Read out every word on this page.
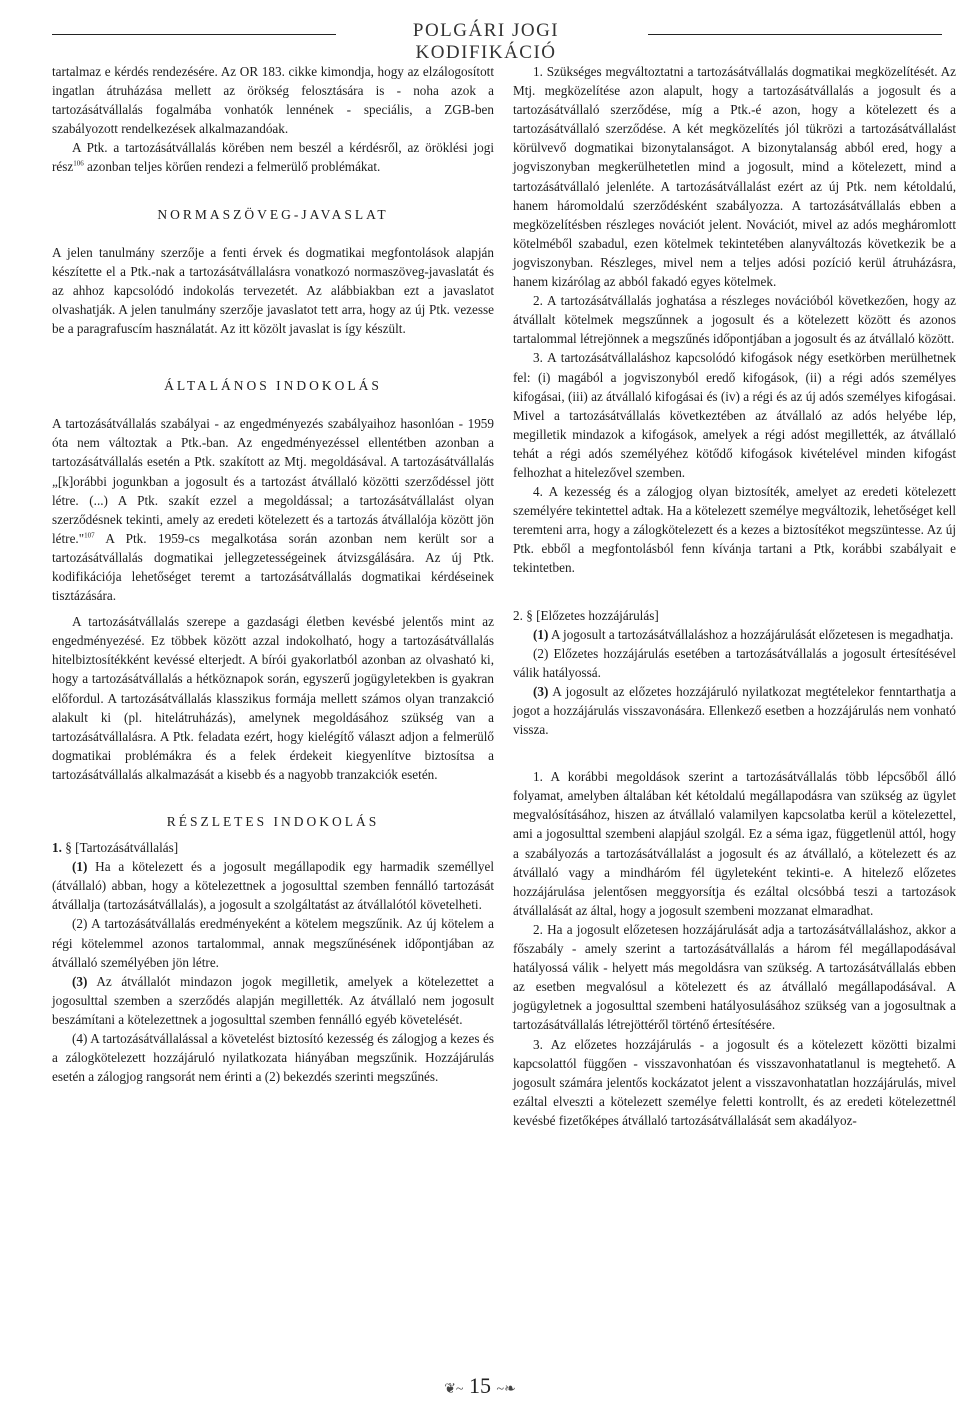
POLGÁRI JOGI KODIFIKÁCIÓ

tartalmaz e kérdés rendezésére. Az OR 183. cikke kimondja, hogy az elzálogosított ingatlan átruházása mellett az örökség felosztására is - noha azok a tartozásátvállalás fogalmába vonhatók lennének - speciális, a ZGB-ben szabályozott rendelkezések alkalmazandóak.

A Ptk. a tartozásátvállalás körében nem beszél a kérdésről, az öröklési jogi rész$^{106}$ azonban teljes körűen rendezi a felmerülő problémákat.

NORMASZÖVEG-JAVASLAT

A jelen tanulmány szerzője a fenti érvek és dogmatikai megfontolások alapján készítette el a Ptk.-nak a tartozásátvállalásra vonatkozó normaszöveg-javaslatát és az ahhoz kapcsolódó indokolás tervezetét. Az alábbiakban ezt a javaslatot olvashatják. A jelen tanulmány szerzője javaslatot tett arra, hogy az új Ptk. vezesse be a paragrafuscím használatát. Az itt közölt javaslat is így készült.

ÁLTALÁNOS INDOKOLÁS

A tartozásátvállalás szabályai - az engedményezés szabályaihoz hasonlóan - 1959 óta nem változtak a Ptk.-ban. Az engedményezéssel ellentétben azonban a tartozásátvállalás esetén a Ptk. szakított az Mtj. megoldásával. A tartozásátvállalás „[k]orábbi jogunkban a jogosult és a tartozást átvállaló közötti szerződéssel jött létre. (...) A Ptk. szakít ezzel a megoldással; a tartozásátvállalást olyan szerződésnek tekinti, amely az eredeti kötelezett és a tartozás átvállalója között jön létre."$^{107}$ A Ptk. 1959-cs megalkotása során azonban nem került sor a tartozásátvállalás dogmatikai jellegzetességeinek átvizsgálására. Az új Ptk. kodifikációja lehetőséget teremt a tartozásátvállalás dogmatikai kérdéseinek tisztázására.

A tartozásátvállalás szerepe a gazdasági életben kevésbé jelentős mint az engedményezésé. Ez többek között azzal indokolható, hogy a tartozásátvállalás hitelbiztosítékként kevéssé elterjedt. A bírói gyakorlatból azonban az olvasható ki, hogy a tartozásátvállalás a hétköznapok során, egyszerű jogügyletekben is gyakran előfordul. A tartozásátvállalás klasszikus formája mellett számos olyan tranzakció alakult ki (pl. hitelátruházás), amelynek megoldásához szükség van a tartozásátvállalásra. A Ptk. feladata ezért, hogy kielégítő választ adjon a felmerülő dogmatikai problémákra és a felek érdekeit kiegyenlítve biztosítsa a tartozásátvállalás alkalmazását a kisebb és a nagyobb tranzakciók esetén.

RÉSZLETES INDOKOLÁS

1. § [Tartozásátvállalás]

(1) Ha a kötelezett és a jogosult megállapodik egy harmadik személlyel (átvállaló) abban, hogy a kötelezettnek a jogosulttal szemben fennálló tartozását átvállalja (tartozásátvállalás), a jogosult a szolgáltatást az átvállalótól követelheti.

(2) A tartozásátvállalás eredményeként a kötelem megszűnik. Az új kötelem a régi kötelemmel azonos tartalommal, annak megszűnésének időpontjában az átvállaló személyében jön létre.

(3) Az átvállalót mindazon jogok megilletik, amelyek a kötelezettet a jogosulttal szemben a szerződés alapján megillették. Az átvállaló nem jogosult beszámítani a kötelezettnek a jogosulttal szemben fennálló egyéb követelését.

(4) A tartozásátvállalással a követelést biztosító kezesség és zálogjog a kezes és a zálogkötelezett hozzájáruló nyilatkozata hiányában megszűnik. Hozzájárulás esetén a zálogjog rangsorát nem érinti a (2) bekezdés szerinti megszűnés.

1. Szükséges megváltoztatni a tartozásátvállalás dogmatikai megközelítését. Az Mtj. megközelítése azon alapult, hogy a tartozásátvállalás a jogosult és a tartozásátvállaló szerződése, míg a Ptk.-é azon, hogy a kötelezett és a tartozásátvállaló szerződése. A két megközelítés jól tükrözi a tartozásátvállalást körülvevő dogmatikai bizonytalanságot. A bizonytalanság abból ered, hogy a jogviszonyban megkerülhetetlen mind a jogosult, mind a kötelezett, mind a tartozásátvállaló jelenléte. A tartozásátvállalást ezért az új Ptk. nem kétoldalú, hanem háromoldalú szerződésként szabályozza. A tartozásátvállalás ebben a megközelítésben részleges novációt jelent. Novációt, mivel az adós megháromlott kötelméből szabadul, ezen kötelmek tekintetében alanyváltozás következik be a jogviszonyban. Részleges, mivel nem a teljes adósi pozíció kerül átruházásra, hanem kizárólag az abból fakadó egyes kötelmek.

2. A tartozásátvállalás joghatása a részleges novációból következően, hogy az átvállalt kötelmek megszűnnek a jogosult és a kötelezett között és azonos tartalommal létrejönnek a megszűnés időpontjában a jogosult és az átvállaló között.

3. A tartozásátvállaláshoz kapcsolódó kifogások négy esetkörben merülhetnek fel: (i) magából a jogviszonyból eredő kifogások, (ii) a régi adós személyes kifogásai, (iii) az átvállaló kifogásai és (iv) a régi és az új adós személyes kifogásai. Mivel a tartozásátvállalás következtében az átvállaló az adós helyébe lép, megilletik mindazok a kifogások, amelyek a régi adóst megillették, az átvállaló tehát a régi adós személyéhez kötődő kifogások kivételével minden kifogást felhozhat a hitelezővel szemben.

4. A kezesség és a zálogjog olyan biztosíték, amelyet az eredeti kötelezett személyére tekintettel adtak. Ha a kötelezett személye megváltozik, lehetőséget kell teremteni arra, hogy a zálogkötelezett és a kezes a biztosítékot megszüntesse. Az új Ptk. ebből a megfontolásból fenn kívánja tartani a Ptk, korábbi szabályait e tekintetben.

2. § [Előzetes hozzájárulás]

(1) A jogosult a tartozásátvállaláshoz a hozzájárulását előzetesen is megadhatja.

(2) Előzetes hozzájárulás esetében a tartozásátvállalás a jogosult értesítésével válik hatályossá.

(3) A jogosult az előzetes hozzájáruló nyilatkozat megtételekor fenntarthatja a jogot a hozzájárulás visszavonására. Ellenkező esetben a hozzájárulás nem vonható vissza.

1. A korábbi megoldások szerint a tartozásátvállalás több lépcsőből álló folyamat, amelyben általában két kétoldalú megállapodásra van szükség az ügylet megvalósításához, hiszen az átvállaló valamilyen kapcsolatba kerül a kötelezettel, ami a jogosulttal szembeni alapjául szolgál. Ez a séma igaz, függetlenül attól, hogy a szabályozás a tartozásátvállalást a jogosult és az átvállaló, a kötelezett és az átvállaló vagy a mindháróm fél ügyleteként tekinti-e. A hitelező előzetes hozzájárulása jelentősen meggyorsítja és ezáltal olcsóbbá teszi a tartozások átvállalását az által, hogy a jogosult szembeni mozzanat elmaradhat.

2. Ha a jogosult előzetesen hozzájárulását adja a tartozásátvállaláshoz, akkor a főszabály - amely szerint a tartozásátvállalás a három fél megállapodásával hatályossá válik - helyett más megoldásra van szükség. A tartozásátvállalás ebben az esetben megvalósul a kötelezett és az átvállaló megállapodásával. A jogügyletnek a jogosulttal szembeni hatályosulásához szükség van a jogosultnak a tartozásátvállalás létrejöttéről történő értesítésére.

3. Az előzetes hozzájárulás - a jogosult és a kötelezett közötti bizalmi kapcsolattól függően - visszavonhatóan és visszavonhatatlanul is megtehető. A jogosult számára jelentős kockázatot jelent a visszavonhatatlan hozzájárulás, mivel ezáltal elveszti a kötelezett személye feletti kontrollt, és az eredeti kötelezettnél kevésbé fizetőképes átvállaló tartozásátvállalását sem akadályoz-

❦~ 15 ~❧
